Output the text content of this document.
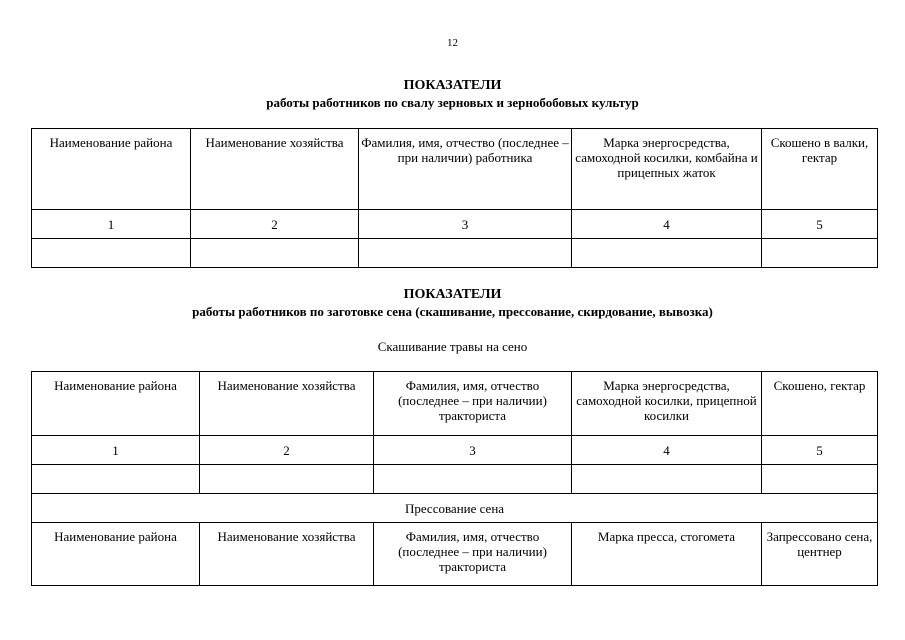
12
ПОКАЗАТЕЛИ
работы работников по свалу зерновых и зернобобовых культур
Наименование района	Наименование хозяйства	Фамилия, имя, отчество (последнее – при наличии) работника	Марка энергосредства, самоходной косилки, комбайна и прицепных жаток	Скошено в валки, гектар
1	2	3	4	5

ПОКАЗАТЕЛИ
работы работников по заготовке сена (скашивание, прессование, скирдование, вывозка)
Скашивание травы на сено
Наименование района	Наименование хозяйства	Фамилия, имя, отчество (последнее – при наличии) тракториста	Марка энергосредства, самоходной косилки, прицепной косилки	Скошено, гектар
1	2	3	4	5

Прессование сена				
Наименование района	Наименование хозяйства	Фамилия, имя, отчество (последнее – при наличии) тракториста	Марка пресса, стогомета	Запрессовано сена, центнер
